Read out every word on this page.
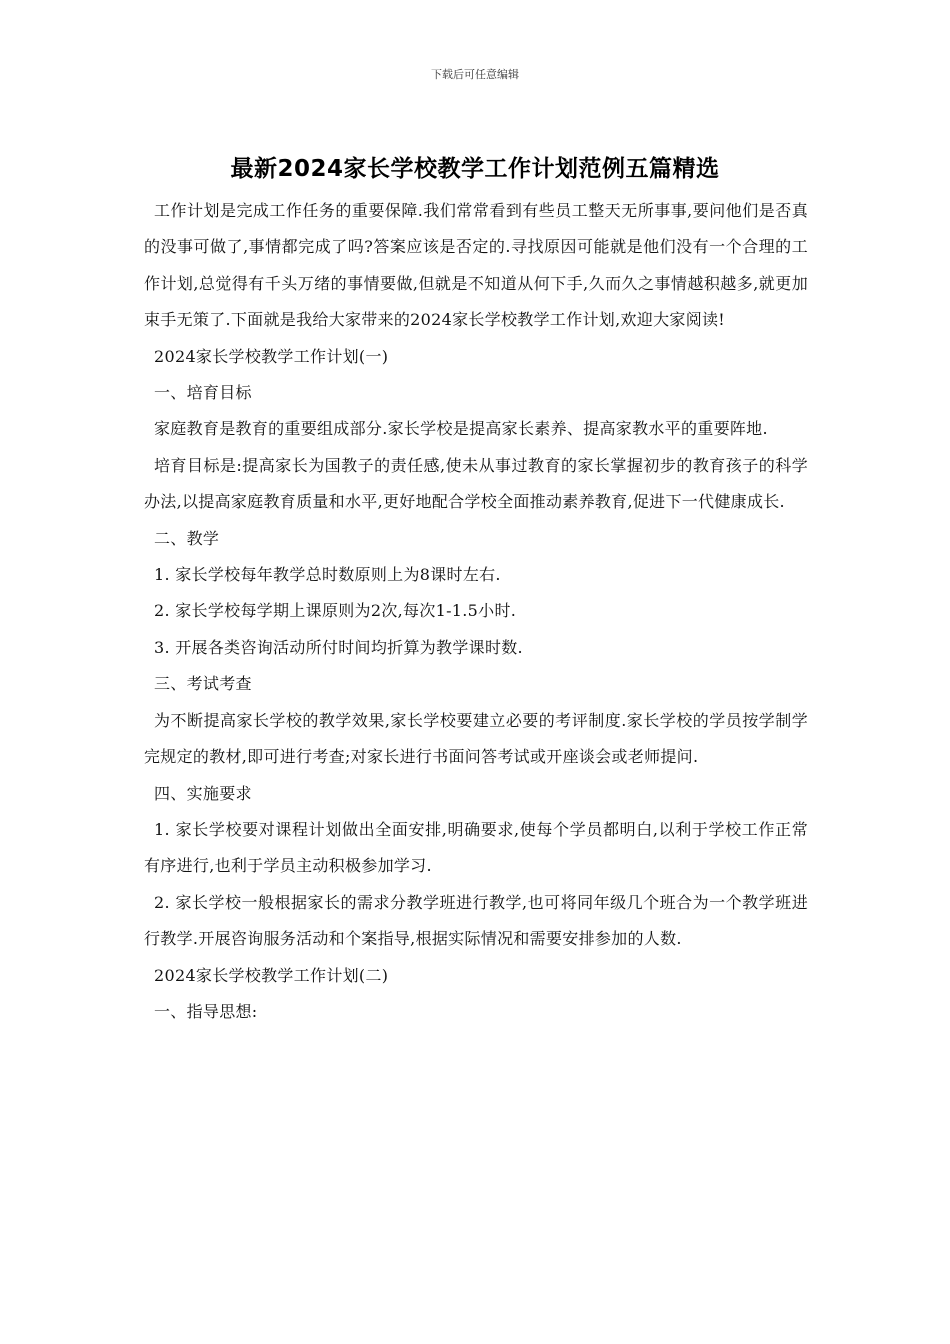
下载后可任意编辑
最新2024家长学校教学工作计划范例五篇精选

工作计划是完成工作任务的重要保障.我们常常看到有些员工整天无所事事,要问他们是否真的没事可做了,事情都完成了吗?答案应该是否定的.寻找原因可能就是他们没有一个合理的工作计划,总觉得有千头万绪的事情要做,但就是不知道从何下手,久而久之事情越积越多,就更加束手无策了.下面就是我给大家带来的2024家长学校教学工作计划,欢迎大家阅读!

2024家长学校教学工作计划(一)

一、培育目标

家庭教育是教育的重要组成部分.家长学校是提高家长素养、提高家教水平的重要阵地.

培育目标是:提高家长为国教子的责任感,使未从事过教育的家长掌握初步的教育孩子的科学办法,以提高家庭教育质量和水平,更好地配合学校全面推动素养教育,促进下一代健康成长.

二、教学

1. 家长学校每年教学总时数原则上为8课时左右.

2. 家长学校每学期上课原则为2次,每次1-1.5小时.

3. 开展各类咨询活动所付时间均折算为教学课时数.

三、考试考查

为不断提高家长学校的教学效果,家长学校要建立必要的考评制度.家长学校的学员按学制学完规定的教材,即可进行考查;对家长进行书面问答考试或开座谈会或老师提问.

四、实施要求

1. 家长学校要对课程计划做出全面安排,明确要求,使每个学员都明白,以利于学校工作正常有序进行,也利于学员主动积极参加学习.

2. 家长学校一般根据家长的需求分教学班进行教学,也可将同年级几个班合为一个教学班进行教学.开展咨询服务活动和个案指导,根据实际情况和需要安排参加的人数.

2024家长学校教学工作计划(二)

一、指导思想:
